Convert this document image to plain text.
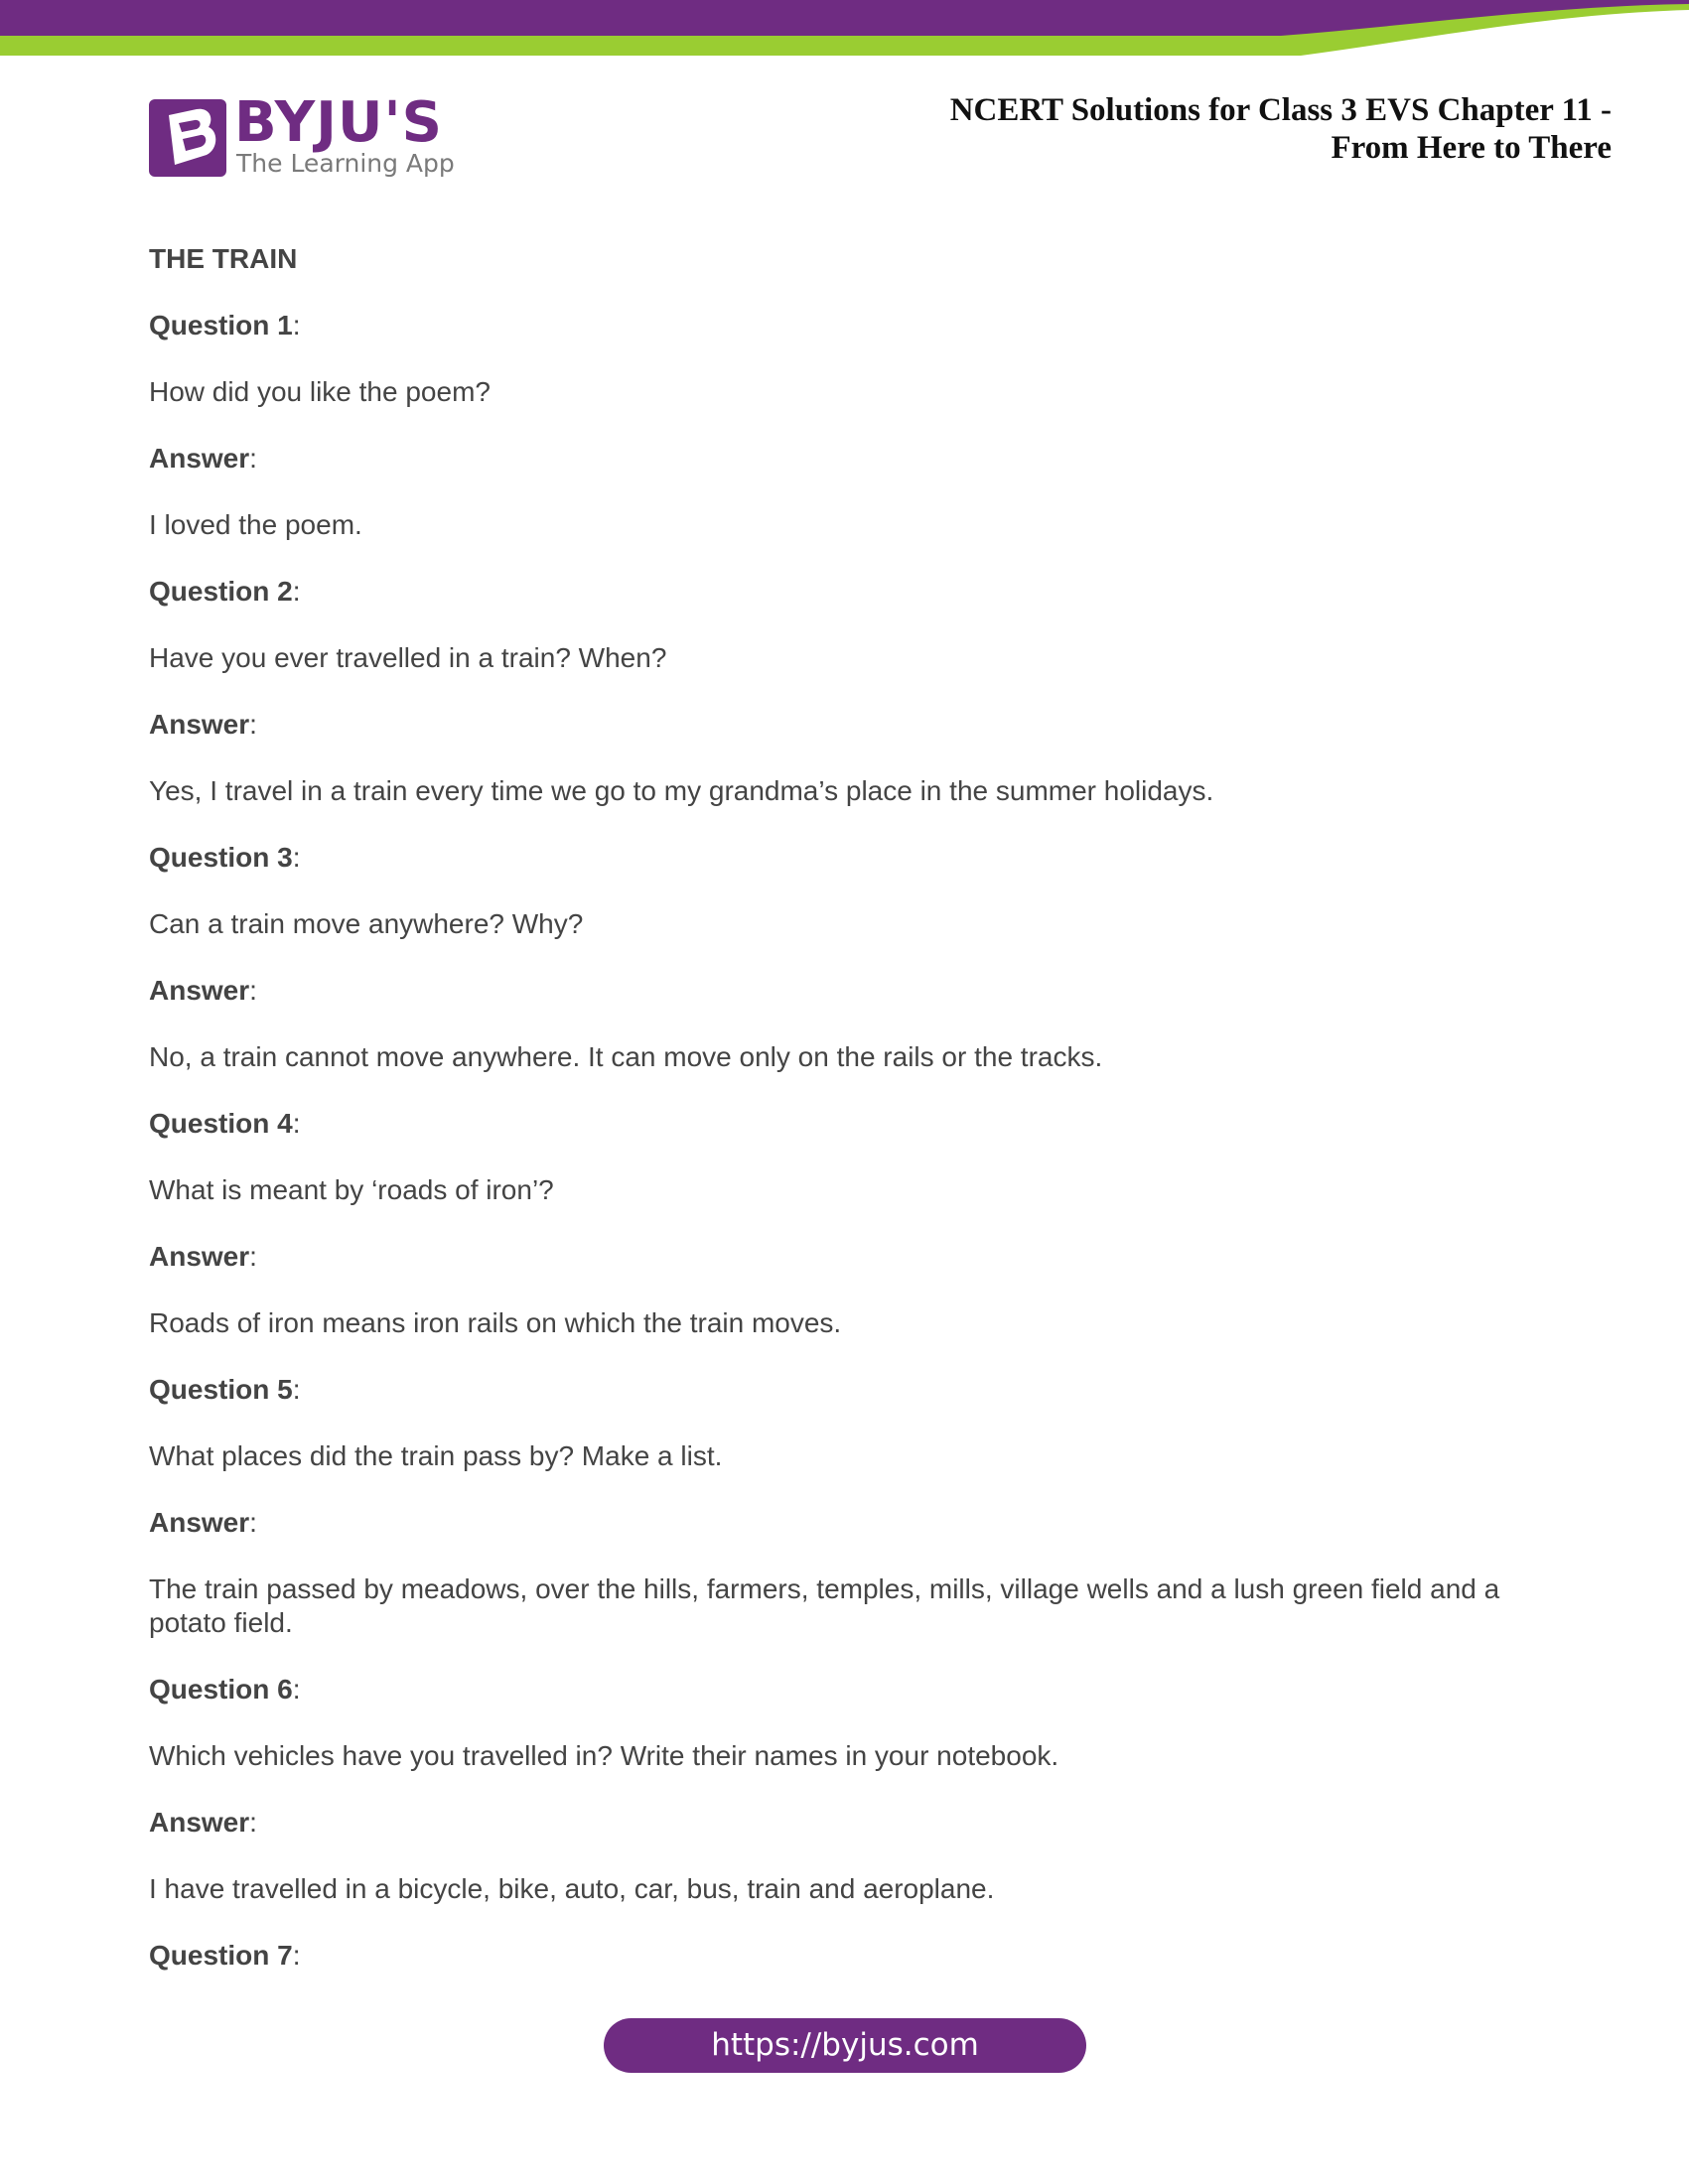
BYJU'S
The Learning App
NCERT Solutions for Class 3 EVS Chapter 11 -
From Here to There
THE TRAIN
Question 1:
How did you like the poem?
Answer:
I loved the poem.
Question 2:
Have you ever travelled in a train? When?
Answer:
Yes, I travel in a train every time we go to my grandma’s place in the summer holidays.
Question 3:
Can a train move anywhere? Why?
Answer:
No, a train cannot move anywhere. It can move only on the rails or the tracks.
Question 4:
What is meant by ‘roads of iron’?
Answer:
Roads of iron means iron rails on which the train moves.
Question 5:
What places did the train pass by? Make a list.
Answer:
The train passed by meadows, over the hills, farmers, temples, mills, village wells and a lush green field and a potato field.
Question 6:
Which vehicles have you travelled in? Write their names in your notebook.
Answer:
I have travelled in a bicycle, bike, auto, car, bus, train and aeroplane.
Question 7:
https://byjus.com
